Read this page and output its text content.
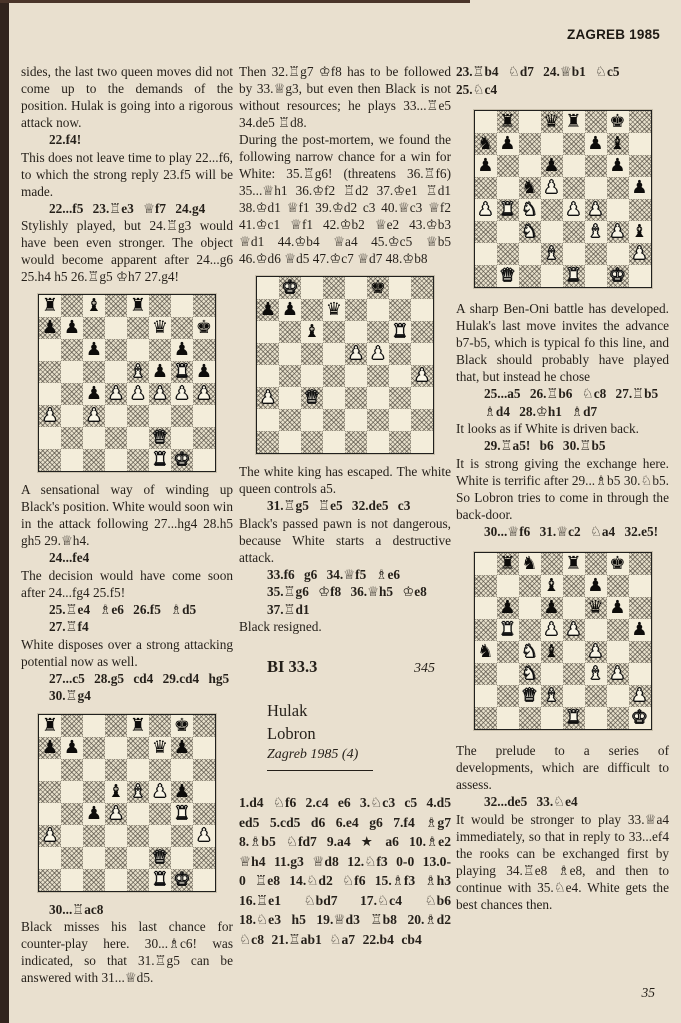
ZAGREB 1985

sides, the last two queen moves did not come up to the demands of the position. Hulak is going into a rigorous attack now.

22.f4!

This does not leave time to play 22...f6, to which the strong reply 23.f5 will be made.

22...f5 23.♖e3 ♕f7 24.g4

Stylishly played, but 24.♖g3 would have been even stronger. The object would become apparent after 24...g6 25.h4 h5 26.♖g5 ♔h7 27.g4!

♜ ♝ ♜
♟ ♟	♛ ♚
♟	♟
♝ ♟ ♜ ♟
♟ ♟ ♟ ♟ ♟ ♟
♟ ♟
♛
♜ ♚

A sensational way of winding up Black's position. White would soon win in the attack following 27...hg4 28.h5 gh5 29.♕h4.

24...fe4

The decision would have come soon after 24...fg4 25.f5!

25.♖e4 ♗e6 26.f5 ♗d5 27.♖f4

White disposes over a strong attacking potential now as well.

27...c5 28.g5 cd4 29.cd4 hg5 30.♖g4

♜	♜ ♚
♟ ♟	♛ ♟
♝ ♝ ♟ ♟
♟ ♟	♜
♟	♟
♛
♜ ♚

30...♖ac8

Black misses his last chance for counter-play here. 30...♗c6! was indicated, so that 31.♖g5 can be answered with 31...♕d5.

Then 32.♖g7 ♔f8 has to be followed by 33.♕g3, but even then Black is not without resources; he plays 33...♖e5 34.de5 ♖d8.

During the post-mortem, we found the following narrow chance for a win for White: 35.♖g6! (threatens 36.♖f6) 35...♕h1 36.♔f2 ♖d2 37.♔e1 ♖d1 38.♔d1 ♕f1 39.♔d2 c3 40.♕c3 ♕f2 41.♔c1 ♕f1 42.♔b2 ♕e2 43.♔b3 ♕d1 44.♔b4 ♕a4 45.♔c5 ♕b5 46.♔d6 ♕d5 47.♔c7 ♕d7 48.♔b8

♚	♚
♟ ♟ ♛
♝	♜
♟ ♟
♟
♟ ♛

The white king has escaped. The white queen controls a5.

31.♖g5 ♖e5 32.de5 c3

Black's passed pawn is not dangerous, because White starts a destructive attack.

33.f6 g6 34.♕f5 ♗e6 35.♖g6 ♔f8 36.♕h5 ♔e8 37.♖d1

Black resigned.

BI 33.3	345
Hulak
Lobron
Zagreb 1985 (4)

1.d4 ♘f6 2.c4 e6 3.♘c3 c5 4.d5 ed5 5.cd5 d6 6.e4 g6 7.f4 ♗g7 8.♗b5 ♘fd7 9.a4 ★ a6 10.♗e2 ♕h4 11.g3 ♕d8 12.♘f3 0-0 13.0-0 ♖e8 14.♘d2 ♘f6 15.♗f3 ♗h3 16.♖e1 ♘bd7 17.♘c4 ♘b6 18.♘e3 h5 19.♕d3 ♖b8 20.♗d2 ♘c8 21.♖ab1 ♘a7 22.b4 cb4

23.♖b4 ♘d7 24.♕b1 ♘c5 25.♘c4

♜ ♛ ♜ ♚
♞ ♟	♟ ♝
♟	♟	♟
♞ ♟	♟
♟ ♜ ♞ ♟ ♟
♞	♝ ♟ ♝
♝	♟
♛	♜ ♚

A sharp Ben-Oni battle has developed. Hulak's last move invites the advance b7-b5, which is typical fo this line, and Black should probably have played that, but instead he chose

25...a5 26.♖b6 ♘c8 27.♖b5 ♗d4 28.♔h1 ♗d7

It looks as if White is driven back.

29.♖a5! b6 30.♖b5

It is strong giving the exchange here. White is terrific after 29...♗b5 30.♘b5. So Lobron tries to come in through the back-door.

30...♕f6 31.♕c2 ♘a4 32.e5!

♜ ♞ ♜ ♚
♝ ♟
♟ ♟ ♛ ♟
♜ ♟ ♟	♟
♞ ♞ ♝ ♟
♞	♝ ♟
♛ ♝	♟
♜	♚

The prelude to a series of developments, which are difficult to assess.

32...de5 33.♘e4

It would be stronger to play 33.♕a4 immediately, so that in reply to 33...ef4 the rooks can be exchanged first by playing 34.♖e8 ♗e8, and then to continue with 35.♘e4. White gets the best chances then.

35
